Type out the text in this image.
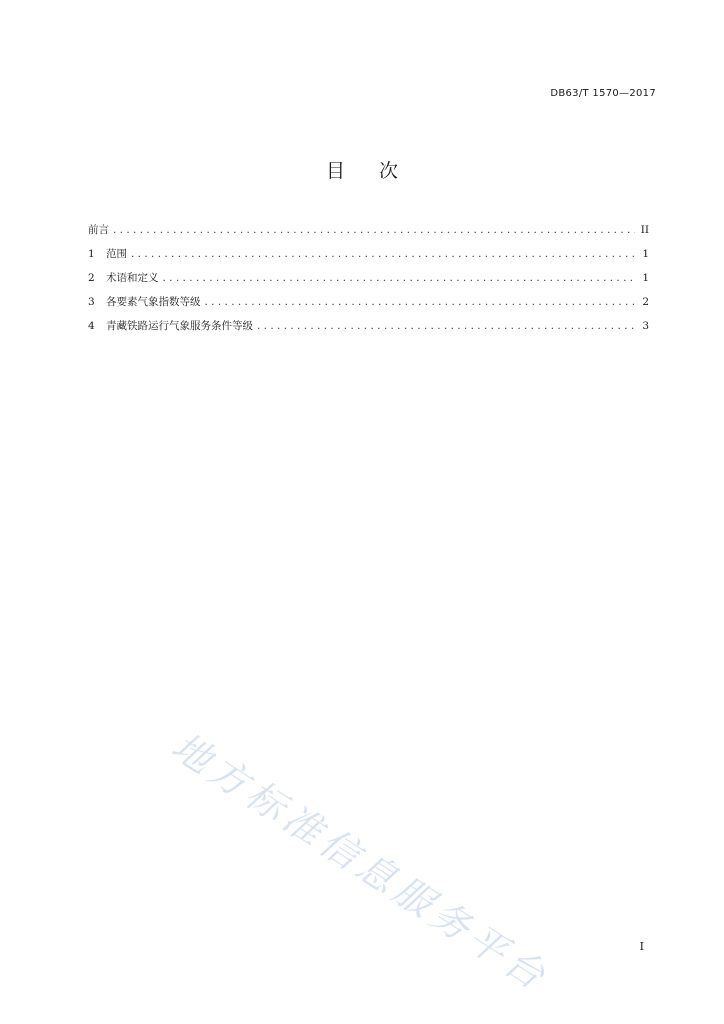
DB63/T 1570—2017
目 次
前言 . . .	II
1	范围 . . .	1
2	术语和定义 . . .	1
3	各要素气象指数等级 . . .	2
4	青藏铁路运行气象服务条件等级 . . .	3
地方标准信息服务平台	I
